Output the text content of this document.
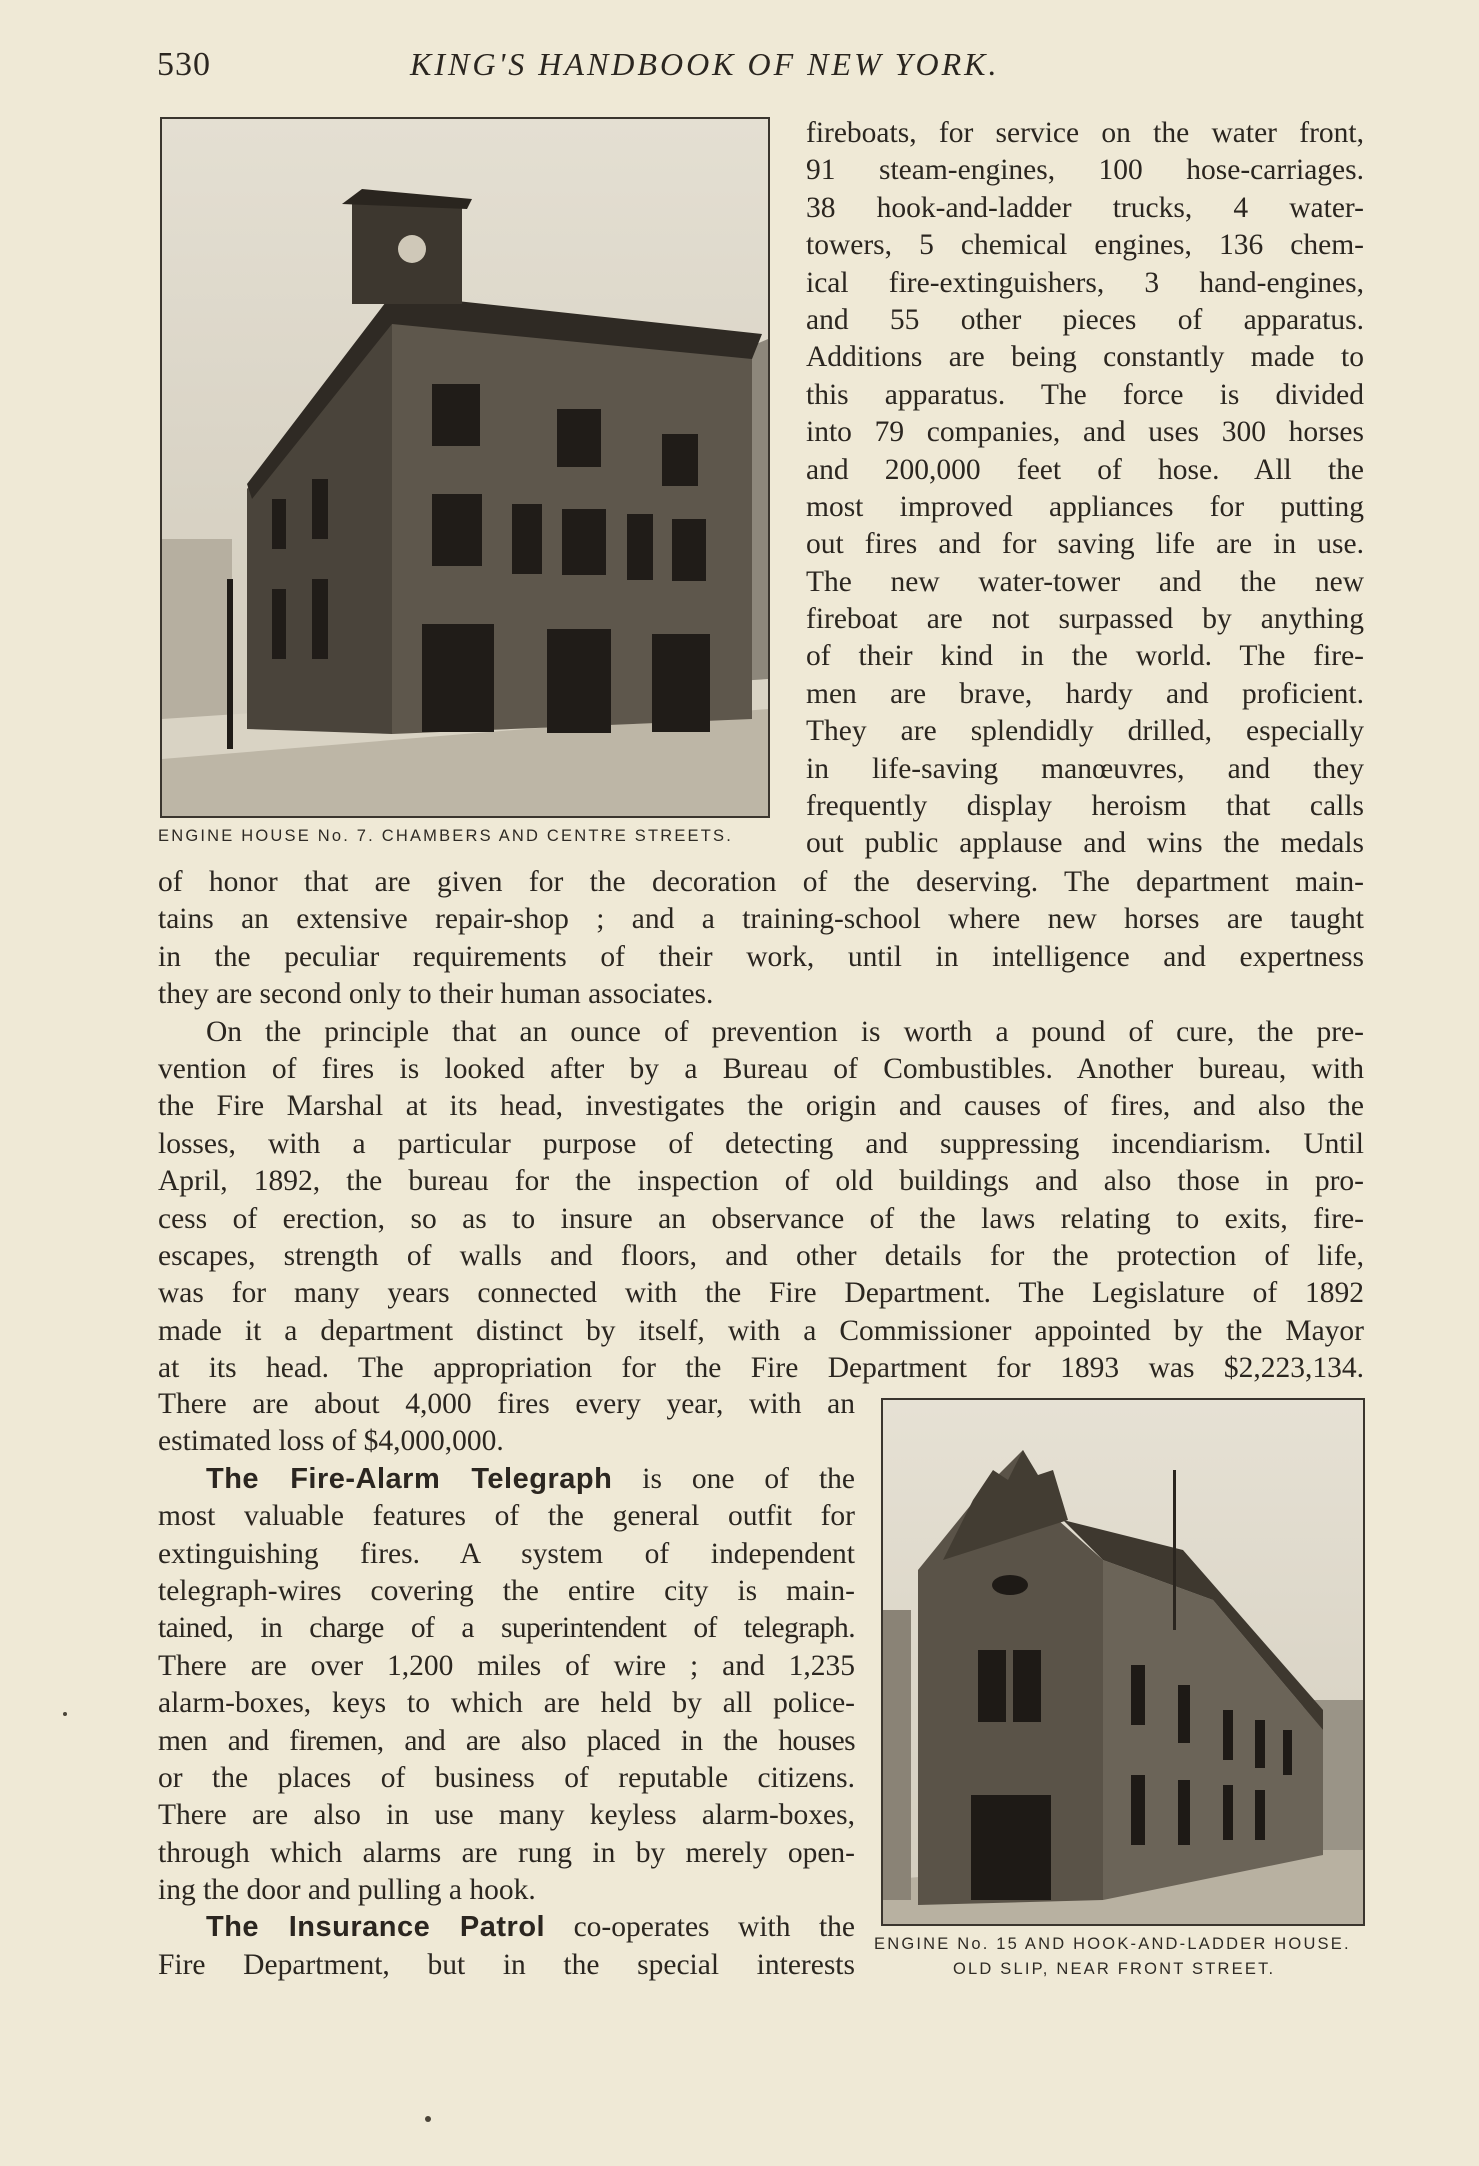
530	KING'S HANDBOOK OF NEW YORK.
ENGINE HOUSE No. 7. CHAMBERS AND CENTRE STREETS.
fireboats, for service on the water front,
91 steam-engines, 100 hose-carriages.
38 hook-and-ladder trucks, 4 water-
towers, 5 chemical engines, 136 chem-
ical fire-extinguishers, 3 hand-engines,
and 55 other pieces of apparatus.
Additions are being constantly made to
this apparatus. The force is divided
into 79 companies, and uses 300 horses
and 200,000 feet of hose. All the
most improved appliances for putting
out fires and for saving life are in use.
The new water-tower and the new
fireboat are not surpassed by anything
of their kind in the world. The fire-
men are brave, hardy and proficient.
They are splendidly drilled, especially
in life-saving manœuvres, and they
frequently display heroism that calls
out public applause and wins the medals
of honor that are given for the decoration of the deserving. The department main-
tains an extensive repair-shop ; and a training-school where new horses are taught
in the peculiar requirements of their work, until in intelligence and expertness
they are second only to their human associates.
On the principle that an ounce of prevention is worth a pound of cure, the pre-
vention of fires is looked after by a Bureau of Combustibles. Another bureau, with
the Fire Marshal at its head, investigates the origin and causes of fires, and also the
losses, with a particular purpose of detecting and suppressing incendiarism. Until
April, 1892, the bureau for the inspection of old buildings and also those in pro-
cess of erection, so as to insure an observance of the laws relating to exits, fire-
escapes, strength of walls and floors, and other details for the protection of life,
was for many years connected with the Fire Department. The Legislature of 1892
made it a department distinct by itself, with a Commissioner appointed by the Mayor
at its head. The appropriation for the Fire Department for 1893 was $2,223,134.
There are about 4,000 fires every year, with an
estimated loss of $4,000,000.
The Fire-Alarm Telegraph is one of the
most valuable features of the general outfit for
extinguishing fires. A system of independent
telegraph-wires covering the entire city is main-
tained, in charge of a superintendent of telegraph.
There are over 1,200 miles of wire ; and 1,235
alarm-boxes, keys to which are held by all police-
men and firemen, and are also placed in the houses
or the places of business of reputable citizens.
There are also in use many keyless alarm-boxes,
through which alarms are rung in by merely open-
ing the door and pulling a hook.
The Insurance Patrol co-operates with the
Fire Department, but in the special interests
ENGINE No. 15 AND HOOK-AND-LADDER HOUSE.
OLD SLIP, NEAR FRONT STREET.
